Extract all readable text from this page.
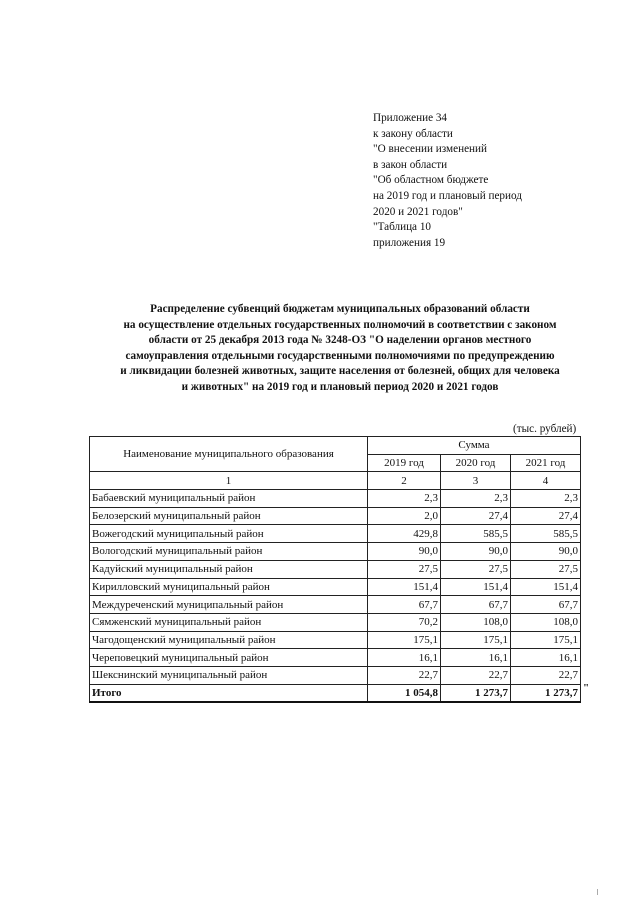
Приложение 34
к закону области
"О внесении изменений
в закон области
"Об областном бюджете
на 2019 год и плановый период
2020 и 2021 годов"
"Таблица 10
приложения 19
Распределение субвенций бюджетам муниципальных образований области
на осуществление отдельных государственных полномочий в соответствии с законом
области от 25 декабря 2013 года № 3248-ОЗ "О наделении органов местного
самоуправления отдельными государственными полномочиями по предупреждению
и ликвидации болезней животных, защите населения от болезней, общих для человека
и животных" на 2019 год и плановый период 2020 и 2021 годов
(тыс. рублей)
Наименование муниципального образования	Сумма		
	2019 год	2020 год	2021 год
1	2	3	4
Бабаевский муниципальный район	2,3	2,3	2,3
Белозерский муниципальный район	2,0	27,4	27,4
Вожегодский муниципальный район	429,8	585,5	585,5
Вологодский муниципальный район	90,0	90,0	90,0
Кадуйский муниципальный район	27,5	27,5	27,5
Кирилловский муниципальный район	151,4	151,4	151,4
Междуреченский муниципальный район	67,7	67,7	67,7
Сямженский муниципальный район	70,2	108,0	108,0
Чагодощенский муниципальный район	175,1	175,1	175,1
Череповецкий муниципальный район	16,1	16,1	16,1
Шекснинский муниципальный район	22,7	22,7	22,7
Итого	1 054,8	1 273,7	1 273,7 "
